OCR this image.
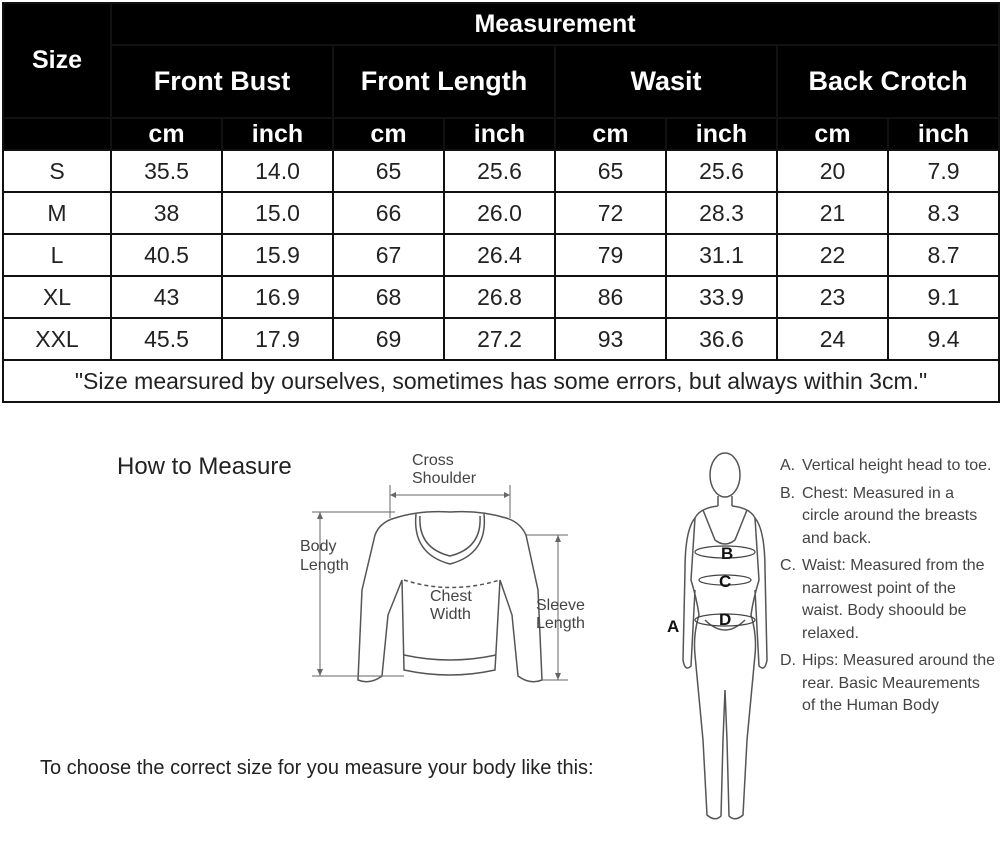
Size	Measurement							
	Front Bust		Front Length		Wasit		Back Crotch	
	cm	inch	cm	inch	cm	inch	cm	inch
S	35.5	14.0	65	25.6	65	25.6	20	7.9
M	38	15.0	66	26.0	72	28.3	21	8.3
L	40.5	15.9	67	26.4	79	31.1	22	8.7
XL	43	16.9	68	26.8	86	33.9	23	9.1
XXL	45.5	17.9	69	27.2	93	36.6	24	9.4
"Size mearsured by ourselves, sometimes has some errors, but always within 3cm."								
How to Measure	Cross
Shoulder
Body
Length
Chest
Width
Sleeve
Length
To choose the correct size for you measure your body like this:
B
C
D
A
A. Vertical height head to toe.
B. Chest: Measured in a circle around the breasts and back.
C. Waist: Measured from the narrowest point of the waist. Body shoould be relaxed.
D. Hips: Measured around the rear. Basic Meaurements of the Human Body
